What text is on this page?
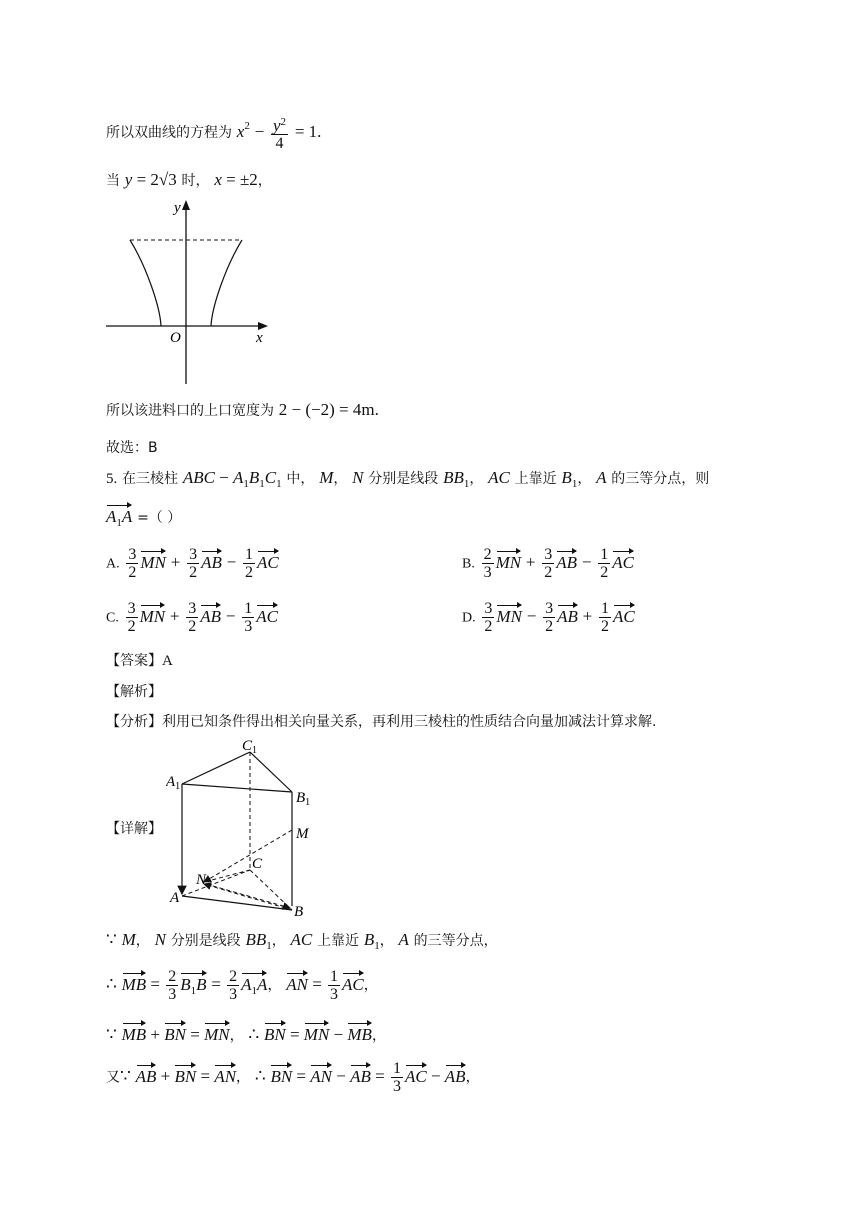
所以双曲线的方程为 $x^2 - \frac{y^2}{4} = 1$.
当 y = 2√3 时， x = ±2，
y
O	x
所以该进料口的上口宽度为 2 − (−2) = 4m.
故选：B
5. 在三棱柱 ABC − $A_1B_1C_1$ 中， M， N 分别是线段 $BB_1$， AC 上靠近 $B_1$， A 的三等分点，则
$A_1A$ =（ ）
A. $\frac{3}{2}$ MN + $\frac{3}{2}$ AB − $\frac{1}{2}$ AC	B. $\frac{2}{3}$ MN + $\frac{3}{2}$ AB − $\frac{1}{2}$ AC
C. $\frac{3}{2}$ MN + $\frac{3}{2}$ AB − $\frac{1}{3}$ AC	D. $\frac{3}{2}$ MN − $\frac{3}{2}$ AB + $\frac{1}{2}$ AC
【答案】A
【解析】
【分析】利用已知条件得出相关向量关系，再利用三棱柱的性质结合向量加减法计算求解.
【详解】
$C_1$
$A_1$
$B_1$
M
C
N
A
B
∵ M， N 分别是线段 $BB_1$， AC 上靠近 $B_1$， A 的三等分点，
∴ MB = $\frac{2}{3} B_1B = \frac{2}{3} A_1A$， AN = $\frac{1}{3}$ AC，
∵ MB + BN = MN， ∴ BN = MN − MB，
又∵ AB + BN = AN， ∴ BN = AN − AB = $\frac{1}{3}$ AC − AB，
